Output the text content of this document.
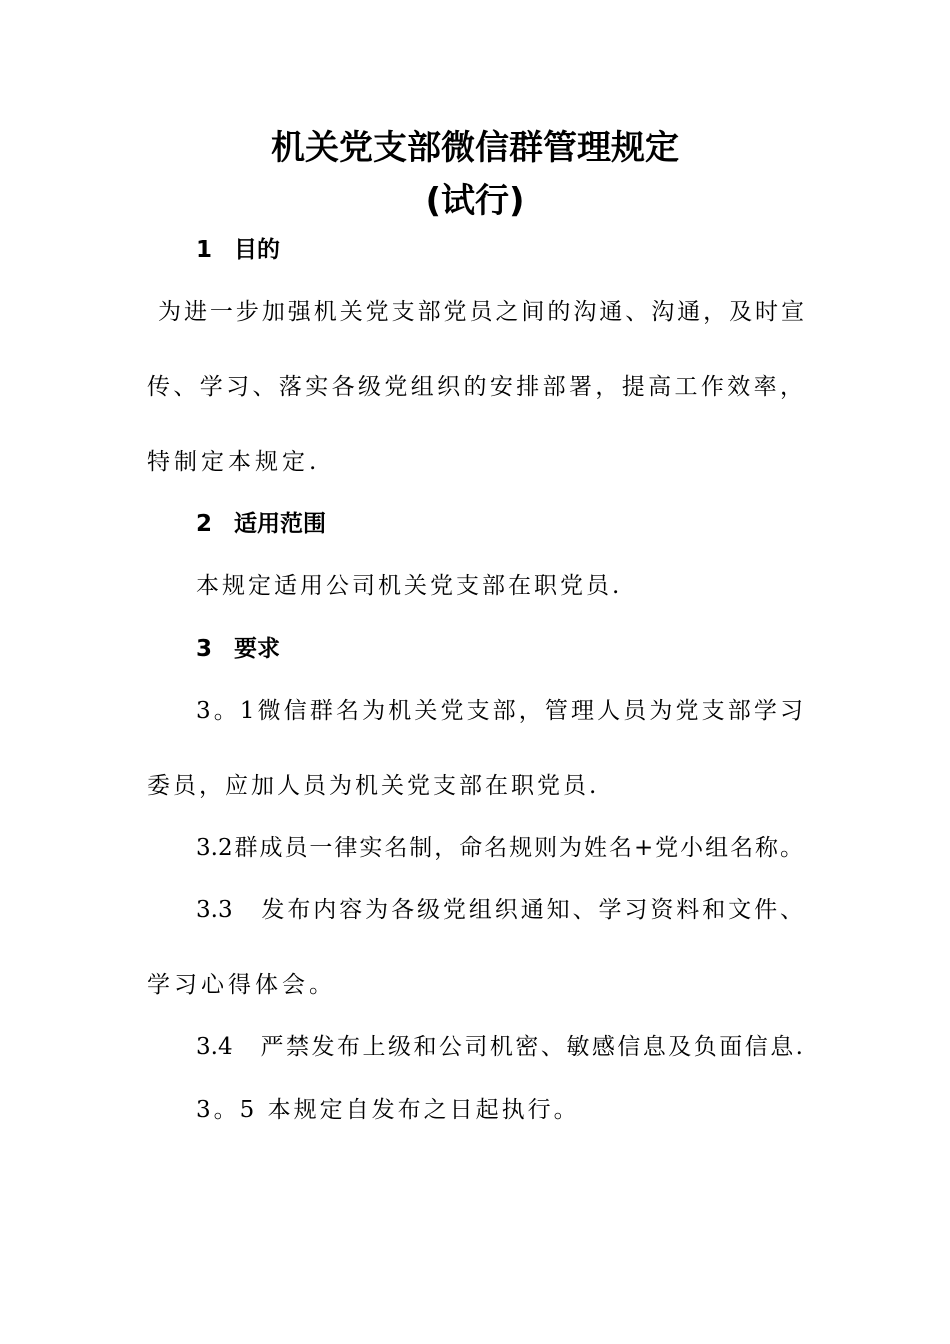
机关党支部微信群管理规定
(试行)
1 目的
为进一步加强机关党支部党员之间的沟通、沟通，及时宣
传、学习、落实各级党组织的安排部署，提高工作效率，
特制定本规定.
2 适用范围
本规定适用公司机关党支部在职党员.
3 要求
3。1微信群名为机关党支部，管理人员为党支部学习
委员，应加人员为机关党支部在职党员.
3.2群成员一律实名制，命名规则为姓名+党小组名称。
3.3　发布内容为各级党组织通知、学习资料和文件、
学习心得体会。
3.4　严禁发布上级和公司机密、敏感信息及负面信息.
3。5 本规定自发布之日起执行。
